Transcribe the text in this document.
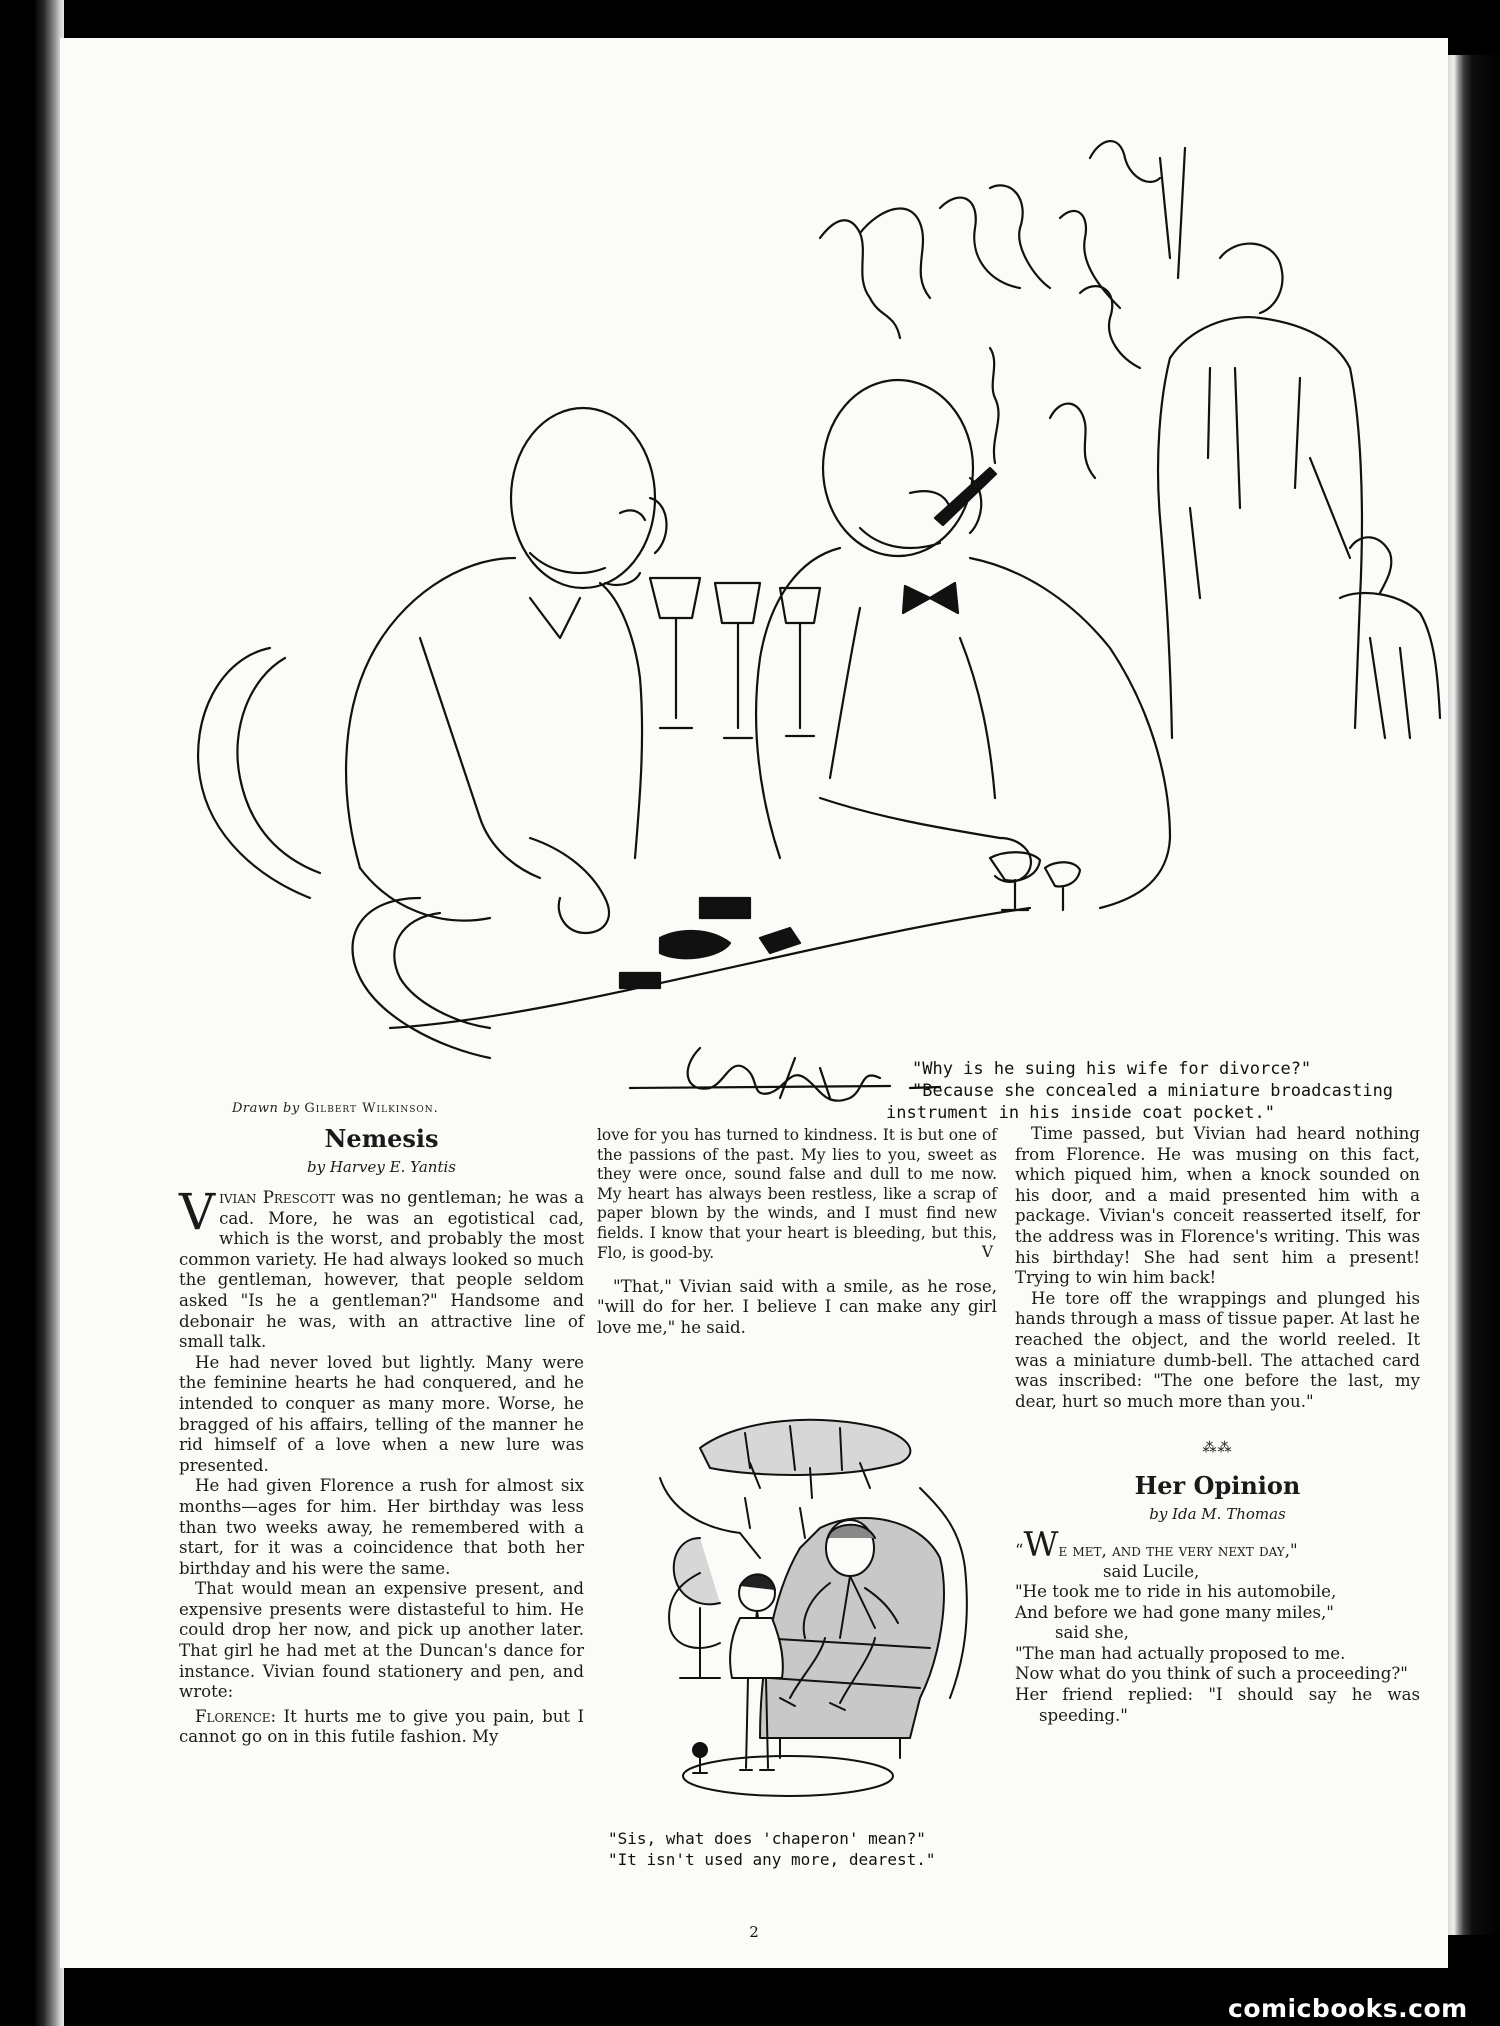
Drawn by Gilbert Wilkinson.
"Why is he suing his wife for divorce?"
"Because she concealed a miniature broadcasting
instrument in his inside coat pocket."
Nemesis
by Harvey E. Yantis

Vivian Prescott was no gentleman; he was a cad. More, he was an egotistical cad, which is the worst, and probably the most common variety. He had always looked so much the gentleman, however, that people seldom asked "Is he a gentleman?" Handsome and debonair he was, with an attractive line of small talk.

He had never loved but lightly. Many were the feminine hearts he had conquered, and he intended to conquer as many more. Worse, he bragged of his affairs, telling of the manner he rid himself of a love when a new lure was presented.

He had given Florence a rush for almost six months—ages for him. Her birthday was less than two weeks away, he remembered with a start, for it was a coincidence that both her birthday and his were the same.

That would mean an expensive present, and expensive presents were distasteful to him. He could drop her now, and pick up another later. That girl he had met at the Duncan's dance for instance. Vivian found stationery and pen, and wrote:

Florence: It hurts me to give you pain, but I cannot go on in this futile fashion. My

love for you has turned to kindness. It is but one of the passions of the past. My lies to you, sweet as they were once, sound false and dull to me now. My heart has always been restless, like a scrap of paper blown by the winds, and I must find new fields. I know that your heart is bleeding, but this, Flo, is good-by.	V

"That," Vivian said with a smile, as he rose, "will do for her. I believe I can make any girl love me," he said.

"Sis, what does 'chaperon' mean?"
"It isn't used any more, dearest."

Time passed, but Vivian had heard nothing from Florence. He was musing on this fact, which piqued him, when a knock sounded on his door, and a maid presented him with a package. Vivian's conceit reasserted itself, for the address was in Florence's writing. This was his birthday! She had sent him a present! Trying to win him back!

He tore off the wrappings and plunged his hands through a mass of tissue paper. At last he reached the object, and the world reeled. It was a miniature dumb-bell. The attached card was inscribed: "The one before the last, my dear, hurt so much more than you."

⁂⁂
Her Opinion
by Ida M. Thomas

“We met, and the very next day,"

said Lucile,

"He took me to ride in his automobile,

And before we had gone many miles,"

said she,

"The man had actually proposed to me.

Now what do you think of such a proceeding?"

Her friend replied: "I should say he was speeding."

2
comicbooks.com
